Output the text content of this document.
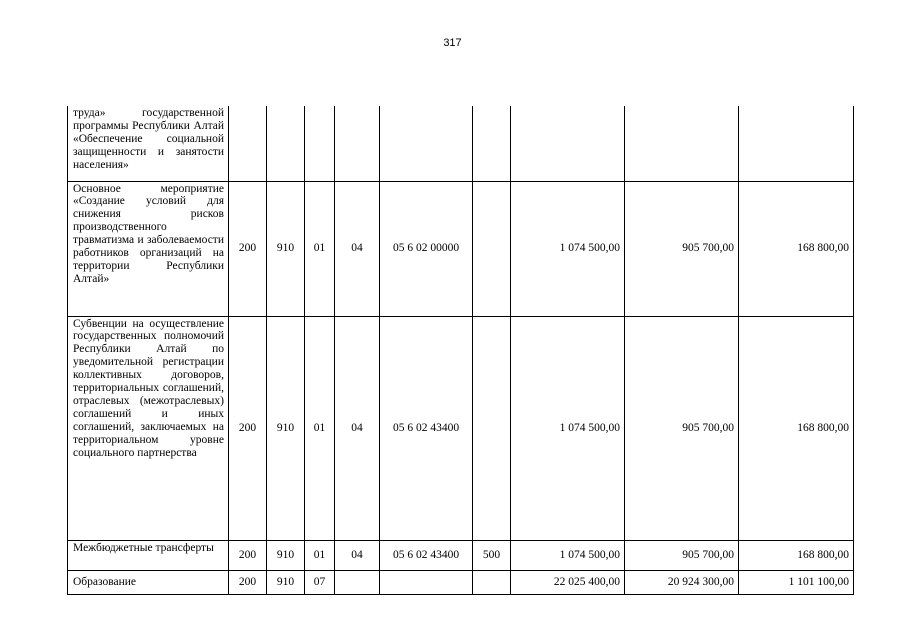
317
труда» государственной программы Республики Алтай «Обеспечение социальной защищенности и занятости населения»									
Основное мероприятие «Создание условий для снижения рисков производственного травматизма и заболеваемости работников организаций на территории Республики Алтай»	200	910	01	04	05 6 02 00000		1 074 500,00	905 700,00	168 800,00
Субвенции на осуществление государственных полномочий Республики Алтай по уведомительной регистрации коллективных договоров, территориальных соглашений, отраслевых (межотраслевых) соглашений и иных соглашений, заключаемых на территориальном уровне социального партнерства	200	910	01	04	05 6 02 43400		1 074 500,00	905 700,00	168 800,00
Межбюджетные трансферты	200	910	01	04	05 6 02 43400	500	1 074 500,00	905 700,00	168 800,00
Образование	200	910	07				22 025 400,00	20 924 300,00	1 101 100,00
